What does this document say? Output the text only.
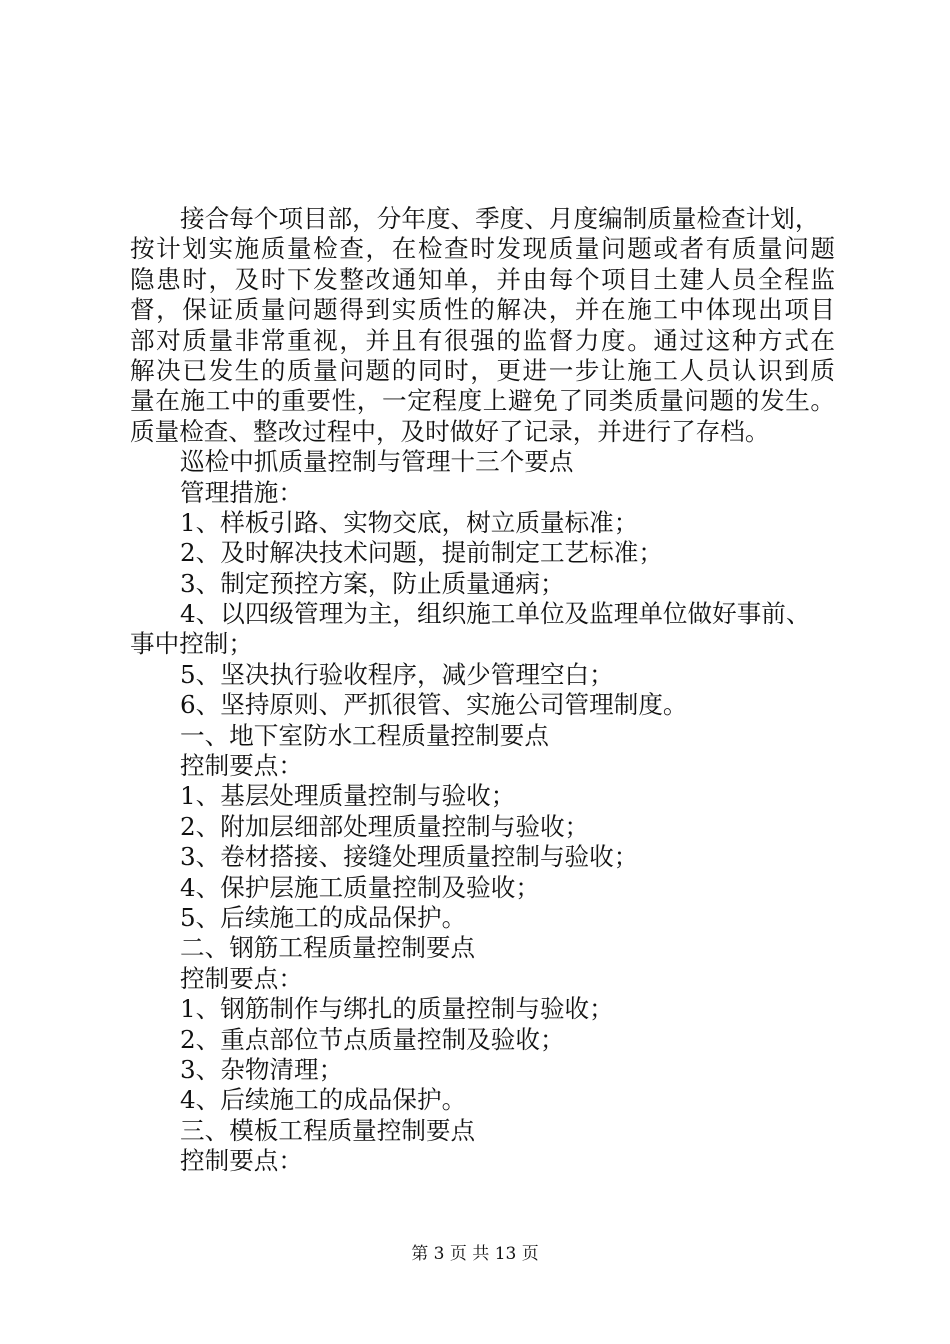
接合每个项目部，分年度、季度、月度编制质量检查计划，
按计划实施质量检查，在检查时发现质量问题或者有质量问题
隐患时，及时下发整改通知单，并由每个项目土建人员全程监
督，保证质量问题得到实质性的解决，并在施工中体现出项目
部对质量非常重视，并且有很强的监督力度。通过这种方式在
解决已发生的质量问题的同时，更进一步让施工人员认识到质
量在施工中的重要性，一定程度上避免了同类质量问题的发生。
质量检查、整改过程中，及时做好了记录，并进行了存档。
巡检中抓质量控制与管理十三个要点
管理措施：
1、样板引路、实物交底，树立质量标准；
2、及时解决技术问题，提前制定工艺标准；
3、制定预控方案，防止质量通病；
4、以四级管理为主，组织施工单位及监理单位做好事前、
事中控制；
5、坚决执行验收程序，减少管理空白；
6、坚持原则、严抓很管、实施公司管理制度。
一、地下室防水工程质量控制要点
控制要点：
1、基层处理质量控制与验收；
2、附加层细部处理质量控制与验收；
3、卷材搭接、接缝处理质量控制与验收；
4、保护层施工质量控制及验收；
5、后续施工的成品保护。
二、钢筋工程质量控制要点
控制要点：
1、钢筋制作与绑扎的质量控制与验收；
2、重点部位节点质量控制及验收；
3、杂物清理；
4、后续施工的成品保护。
三、模板工程质量控制要点
控制要点：
第 3 页 共 13 页
